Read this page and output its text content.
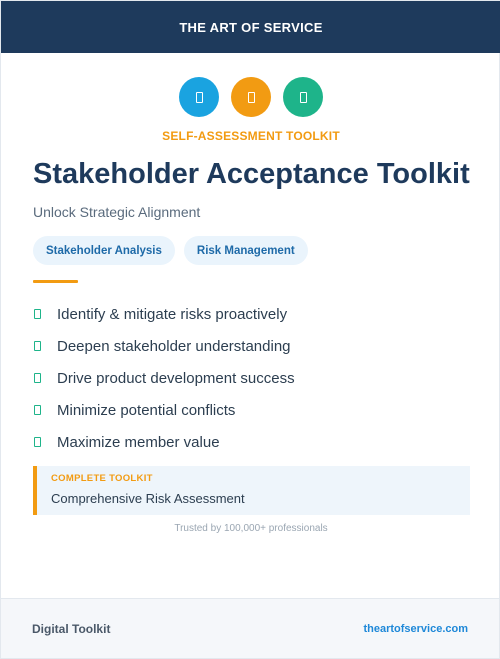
THE ART OF SERVICE
SELF-ASSESSMENT TOOLKIT
Stakeholder Acceptance Toolkit
Unlock Strategic Alignment
Stakeholder Analysis	Risk Management
Identify & mitigate risks proactively
Deepen stakeholder understanding
Drive product development success
Minimize potential conflicts
Maximize member value
COMPLETE TOOLKIT
Comprehensive Risk Assessment
Trusted by 100,000+ professionals
Digital Toolkit	theartofservice.com
